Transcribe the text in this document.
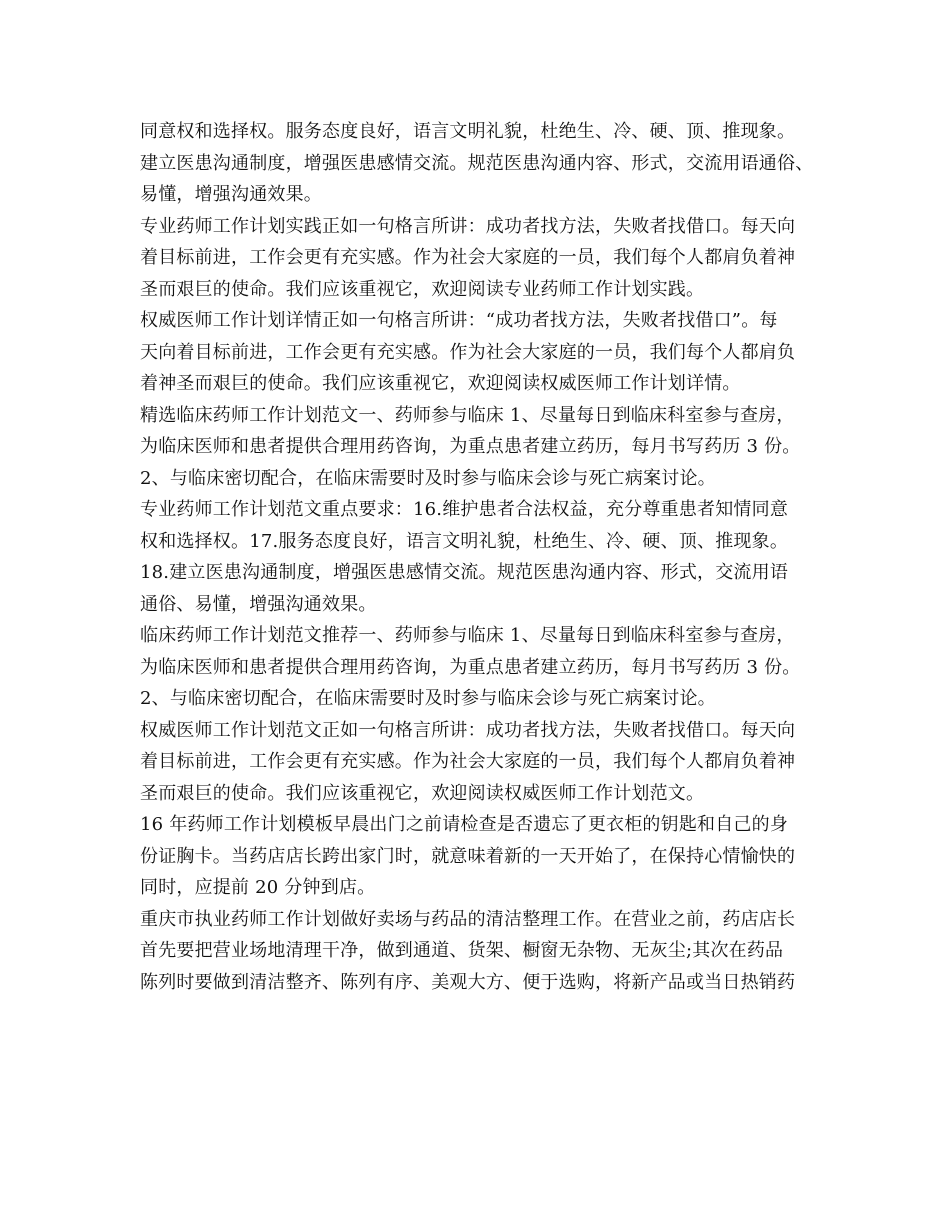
同意权和选择权。服务态度良好，语言文明礼貌，杜绝生、冷、硬、顶、推现象。
建立医患沟通制度，增强医患感情交流。规范医患沟通内容、形式，交流用语通俗、
易懂，增强沟通效果。
专业药师工作计划实践正如一句格言所讲：成功者找方法，失败者找借口。每天向
着目标前进，工作会更有充实感。作为社会大家庭的一员，我们每个人都肩负着神
圣而艰巨的使命。我们应该重视它，欢迎阅读专业药师工作计划实践。
权威医师工作计划详情正如一句格言所讲：“成功者找方法，失败者找借口”。每
天向着目标前进，工作会更有充实感。作为社会大家庭的一员，我们每个人都肩负
着神圣而艰巨的使命。我们应该重视它，欢迎阅读权威医师工作计划详情。
精选临床药师工作计划范文一、药师参与临床 1、尽量每日到临床科室参与查房，
为临床医师和患者提供合理用药咨询，为重点患者建立药历，每月书写药历 3 份。
2、与临床密切配合，在临床需要时及时参与临床会诊与死亡病案讨论。
专业药师工作计划范文重点要求：16.维护患者合法权益，充分尊重患者知情同意
权和选择权。17.服务态度良好，语言文明礼貌，杜绝生、冷、硬、顶、推现象。
18.建立医患沟通制度，增强医患感情交流。规范医患沟通内容、形式，交流用语
通俗、易懂，增强沟通效果。
临床药师工作计划范文推荐一、药师参与临床 1、尽量每日到临床科室参与查房，
为临床医师和患者提供合理用药咨询，为重点患者建立药历，每月书写药历 3 份。
2、与临床密切配合，在临床需要时及时参与临床会诊与死亡病案讨论。
权威医师工作计划范文正如一句格言所讲：成功者找方法，失败者找借口。每天向
着目标前进，工作会更有充实感。作为社会大家庭的一员，我们每个人都肩负着神
圣而艰巨的使命。我们应该重视它，欢迎阅读权威医师工作计划范文。
16 年药师工作计划模板早晨出门之前请检查是否遗忘了更衣柜的钥匙和自己的身
份证胸卡。当药店店长跨出家门时，就意味着新的一天开始了，在保持心情愉快的
同时，应提前 20 分钟到店。
重庆市执业药师工作计划做好卖场与药品的清洁整理工作。在营业之前，药店店长
首先要把营业场地清理干净，做到通道、货架、橱窗无杂物、无灰尘;其次在药品
陈列时要做到清洁整齐、陈列有序、美观大方、便于选购，将新产品或当日热销药
